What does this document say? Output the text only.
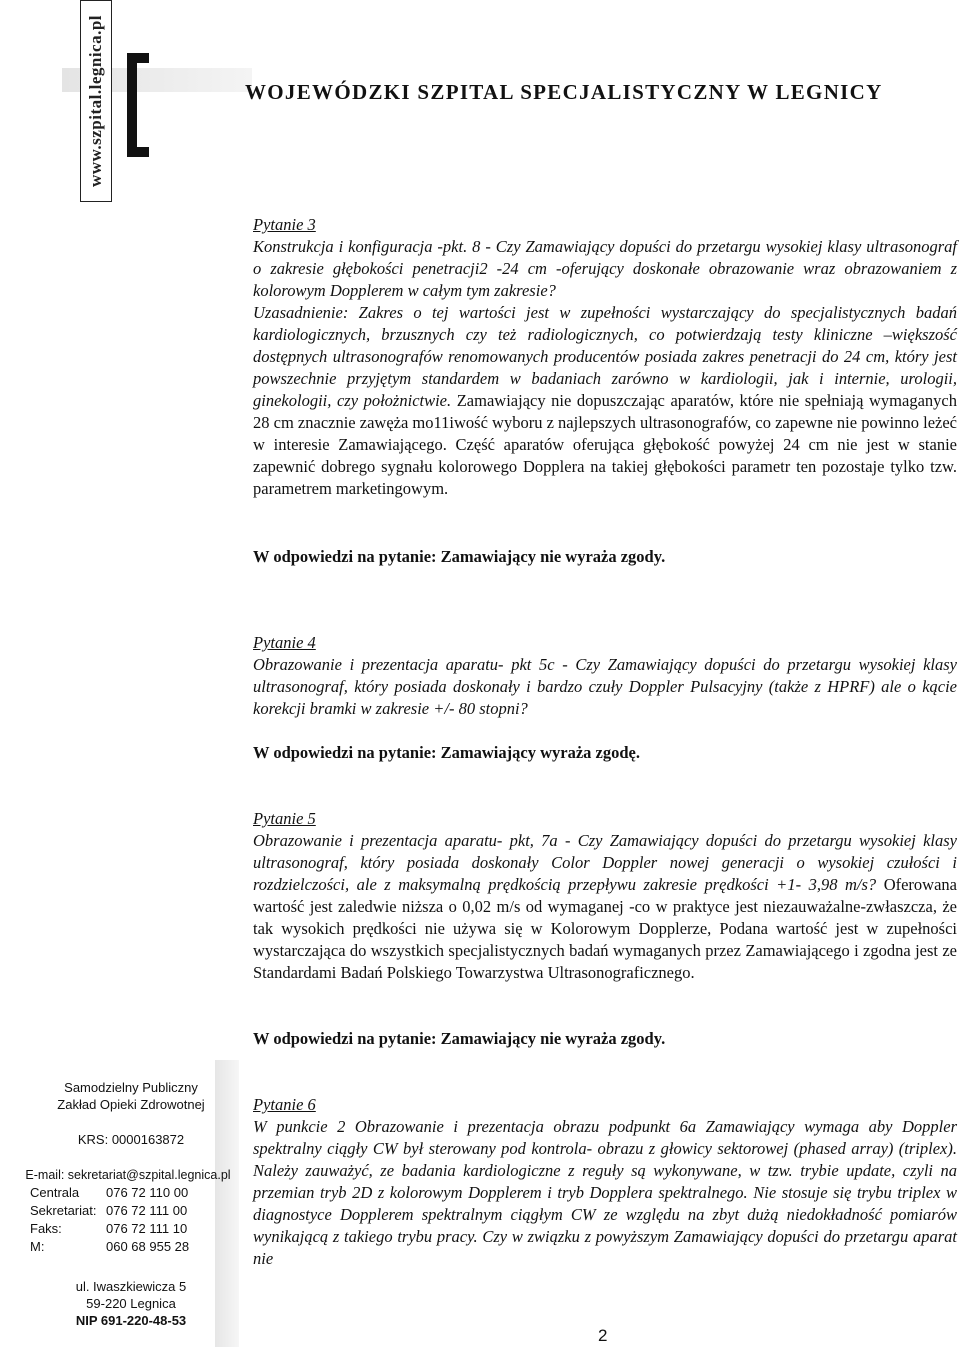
www.szpital.legnica.pl	WOJEWÓDZKI SZPITAL SPECJALISTYCZNY W LEGNICY
Pytanie 3
Konstrukcja i konfiguracja -pkt. 8 - Czy Zamawiający dopuści do przetargu wysokiej klasy ultrasonograf o zakresie głębokości penetracji2 -24 cm -oferujący doskonałe obrazowanie wraz obrazowaniem z kolorowym Dopplerem w całym tym zakresie?
Uzasadnienie: Zakres o tej wartości jest w zupełności wystarczający do specjalistycznych badań kardiologicznych, brzusznych czy też radiologicznych, co potwierdzają testy kliniczne –większość dostępnych ultrasonografów renomowanych producentów posiada zakres penetracji do 24 cm, który jest powszechnie przyjętym standardem w badaniach zarówno w kardiologii, jak i internie, urologii, ginekologii, czy położnictwie. Zamawiający nie dopuszczając aparatów, które nie spełniają wymaganych 28 cm znacznie zawęża mo11iwość wyboru z najlepszych ultrasonografów, co zapewne nie powinno leżeć w interesie Zamawiającego. Część aparatów oferująca głębokość powyżej 24 cm nie jest w stanie zapewnić dobrego sygnału kolorowego Dopplera na takiej głębokości parametr ten pozostaje tylko tzw. parametrem marketingowym.
W odpowiedzi na pytanie: Zamawiający nie wyraża zgody.
Pytanie 4
Obrazowanie i prezentacja aparatu- pkt 5c - Czy Zamawiający dopuści do przetargu wysokiej klasy ultrasonograf, który posiada doskonały i bardzo czuły Doppler Pulsacyjny (także z HPRF) ale o kącie korekcji bramki w zakresie +/- 80 stopni?
W odpowiedzi na pytanie: Zamawiający wyraża zgodę.
Pytanie 5
Obrazowanie i prezentacja aparatu- pkt, 7a - Czy Zamawiający dopuści do przetargu wysokiej klasy ultrasonograf, który posiada doskonały Color Doppler nowej generacji o wysokiej czułości i rozdzielczości, ale z maksymalną prędkością przepływu zakresie prędkości +1- 3,98 m/s? Oferowana wartość jest zaledwie niższa o 0,02 m/s od wymaganej -co w praktyce jest niezauważalne-zwłaszcza, że tak wysokich prędkości nie używa się w Kolorowym Dopplerze, Podana wartość jest w zupełności wystarczająca do wszystkich specjalistycznych badań wymaganych przez Zamawiającego i zgodna jest ze Standardami Badań Polskiego Towarzystwa Ultrasonograficznego.
W odpowiedzi na pytanie: Zamawiający nie wyraża zgody.
Pytanie 6
W punkcie 2 Obrazowanie i prezentacja obrazu podpunkt 6a Zamawiający wymaga aby Doppler spektralny ciągły CW był sterowany pod kontrola- obrazu z głowicy sektorowej (phased array) (triplex). Należy zauważyć, ze badania kardiologiczne z reguły są wykonywane, w tzw. trybie update, czyli na przemian tryb 2D z kolorowym Dopplerem i tryb Dopplera spektralnego. Nie stosuje się trybu triplex w diagnostyce Dopplerem spektralnym ciągłym CW ze względu na zbyt dużą niedokładność pomiarów wynikającą z takiego trybu pracy. Czy w związku z powyższym Zamawiający dopuści do przetargu aparat nie
Samodzielny Publiczny
Zakład Opieki Zdrowotnej
KRS: 0000163872
E-mail: sekretariat@szpital.legnica.pl
Centrala 076 72 110 00
Sekretariat: 076 72 111 00
Faks:	076 72 111 10
M:	060 68 955 28
ul. Iwaszkiewicza 5
59-220 Legnica
NIP 691-220-48-53
2
